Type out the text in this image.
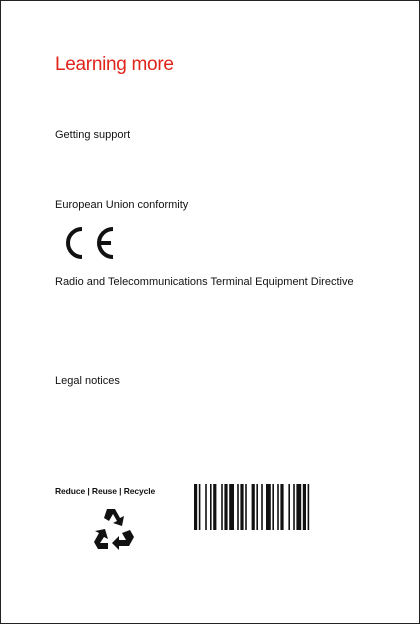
Learning more

Getting support

European Union conformity

Radio and Telecommunications Terminal Equipment Directive

Legal notices

Reduce | Reuse | Recycle
